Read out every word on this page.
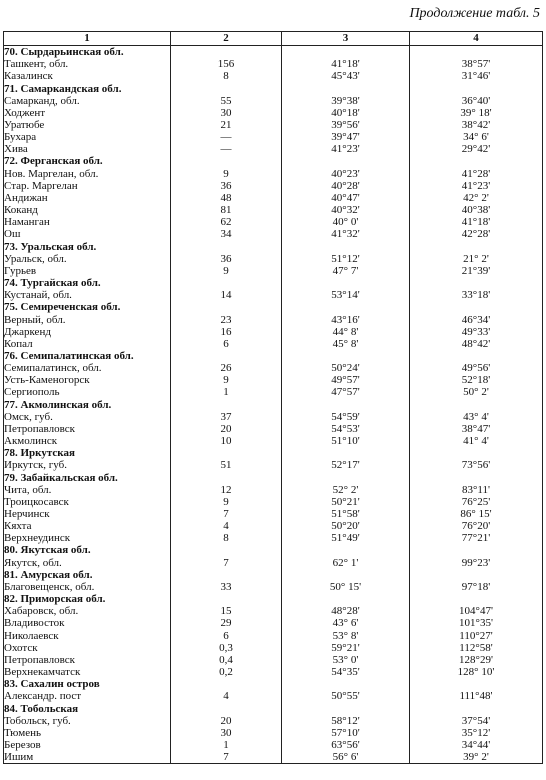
Продолжение табл. 5
1	2	3	4
70. Сырдарьинская обл.			
Ташкент, обл.	156	41°18'	38°57'
Казалинск	8	45°43'	31°46'
71. Самаркандская обл.			
Самарканд, обл.	55	39°38'	36°40'
Ходжент	30	40°18'	39° 18'
Уратюбе	21	39°56'	38°42'
Бухара	—	39°47'	34° 6'
Хива	—	41°23'	29°42'
72. Ферганская обл.			
Нов. Маргелан, обл.	9	40°23'	41°28'
Стар. Маргелан	36	40°28'	41°23'
Андижан	48	40°47'	42° 2'
Коканд	81	40°32'	40°38'
Наманган	62	40° 0'	41°18'
Ош	34	41°32'	42°28'
73. Уральская обл.			
Уральск, обл.	36	51°12'	21° 2'
Гурьев	9	47° 7'	21°39'
74. Тургайская обл.			
Кустанай, обл.	14	53°14'	33°18'
75. Семиреченская обл.			
Верный, обл.	23	43°16'	46°34'
Джаркенд	16	44° 8'	49°33'
Копал	6	45° 8'	48°42'
76. Семипалатинская обл.			
Семипалатинск, обл.	26	50°24'	49°56'
Усть-Каменогорск	9	49°57'	52°18'
Сергиополь	1	47°57'	50° 2'
77. Акмолинская обл.			
Омск, губ.	37	54°59'	43° 4'
Петропавловск	20	54°53'	38°47'
Акмолинск	10	51°10'	41° 4'
78. Иркутская			
Иркутск, губ.	51	52°17'	73°56'
79. Забайкальская обл.			
Чита, обл.	12	52° 2'	83°11'
Троицкосавск	9	50°21'	76°25'
Нерчинск	7	51°58'	86° 15'
Кяхта	4	50°20'	76°20'
Верхнеудинск	8	51°49'	77°21'
80. Якутская обл.			
Якутск, обл.	7	62° 1'	99°23'
81. Амурская обл.			
Благовещенск, обл.	33	50° 15'	97°18'
82. Приморская обл.			
Хабаровск, обл.	15	48°28'	104°47'
Владивосток	29	43° 6'	101°35'
Николаевск	6	53° 8'	110°27'
Охотск	0,3	59°21'	112°58'
Петропавловск	0,4	53° 0'	128°29'
Верхнекамчатск	0,2	54°35'	128° 10'
83. Сахалин остров			
Александр. пост	4	50°55'	111°48'
84. Тобольская			
Тобольск, губ.	20	58°12'	37°54'
Тюмень	30	57°10'	35°12'
Березов	1	63°56'	34°44'
Ишим	7	56° 6'	39° 2'
